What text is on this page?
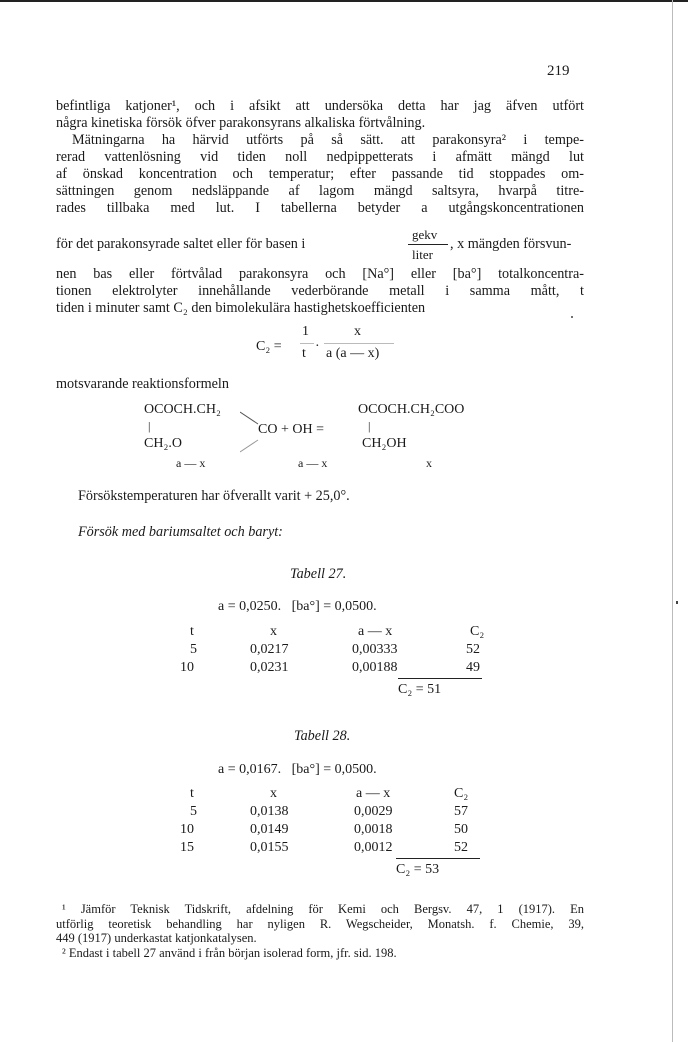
219
befintliga katjoner¹, och i afsikt att undersöka detta har jag äfven utfört
några kinetiska försök öfver parakonsyrans alkaliska förtvålning.
Mätningarna ha härvid utförts på så sätt. att parakonsyra² i tempe-
rerad vattenlösning vid tiden noll nedpippetterats i afmätt mängd lut
af önskad koncentration och temperatur; efter passande tid stoppades om-
sättningen genom nedsläppande af lagom mängd saltsyra, hvarpå titre-
rades tillbaka med lut. I tabellerna betyder a utgångskoncentrationen
för det parakonsyrade saltet eller för basen i
gekv
liter
, x mängden försvun-
nen bas eller förtvålad parakonsyra och [Na°] eller [ba°] totalkoncentra-
tionen elektrolyter innehållande vederbörande metall i samma mått, t
tiden i minuter samt C₂ den bimolekulära hastighetskoefficienten
C₂ =
1
t ·
x
a (a — x)
motsvarande reaktionsformeln
OCOCH.CH₂
|
CH₂.O
CO + OH =
OCOCH.CH₂COO
|
CH₂OH
a — x	a — x	x
Försökstemperaturen har öfverallt varit + 25,0°.
Försök med bariumsaltet och baryt:
Tabell 27.
a = 0,0250.   [ba°] = 0,0500.
t	x	a — x	C₂
5	0,0217	0,00333	52
10	0,0231	0,00188	49
C₂ = 51
Tabell 28.
a = 0,0167.   [ba°] = 0,0500.
t	x	a — x	C₂
5	0,0138	0,0029	57
10	0,0149	0,0018	50
15	0,0155	0,0012	52
C₂ = 53
¹ Jämför Teknisk Tidskrift, afdelning för Kemi och Bergsv. 47, 1 (1917). En
utförlig teoretisk behandling har nyligen R. Wegscheider, Monatsh. f. Chemie, 39,
449 (1917) underkastat katjonkatalysen.
² Endast i tabell 27 använd i från början isolerad form, jfr. sid. 198.
